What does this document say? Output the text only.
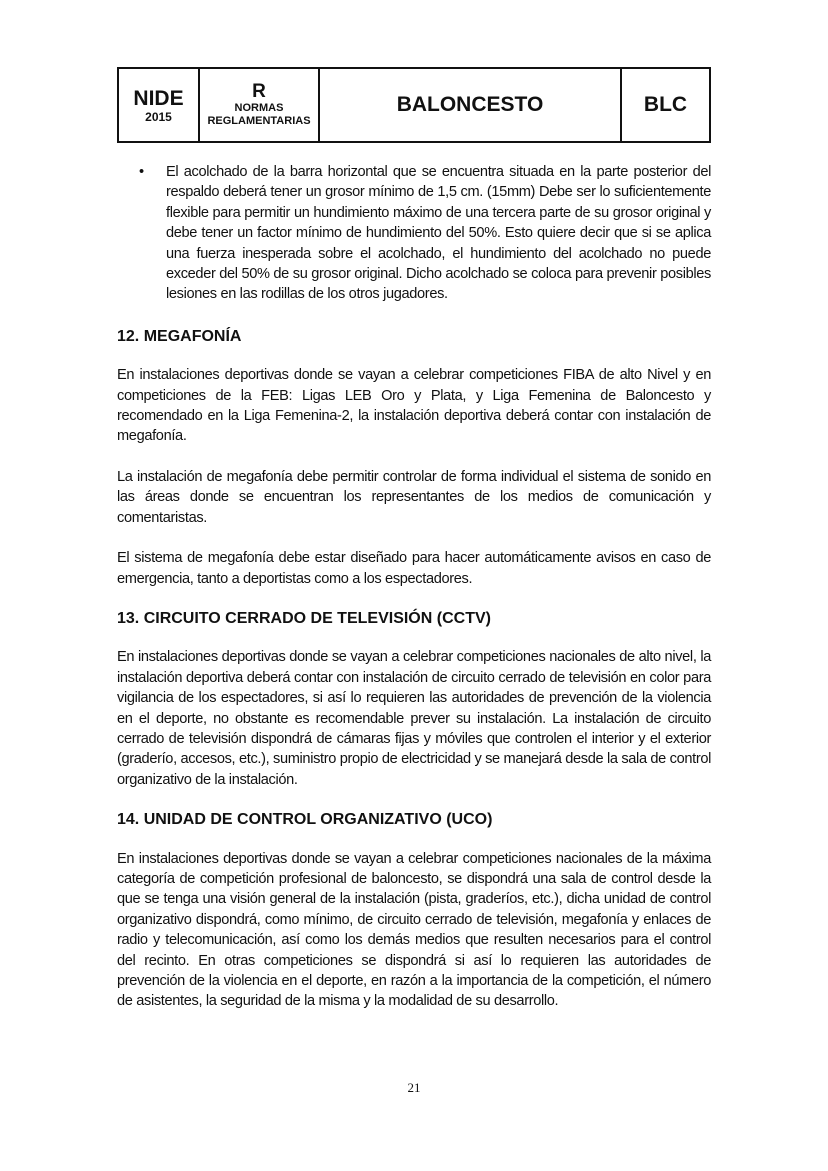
NIDE
2015
R
NORMAS
REGLAMENTARIAS
BALONCESTO	BLC
•	El acolchado de la barra horizontal que se encuentra situada en la parte posterior del respaldo deberá tener un grosor mínimo de 1,5 cm. (15mm) Debe ser lo suficientemente flexible para permitir un hundimiento máximo de una tercera parte de su grosor original y debe tener un factor mínimo de hundimiento del 50%. Esto quiere decir que si se aplica una fuerza inesperada sobre el acolchado, el hundimiento del acolchado no puede exceder del 50% de su grosor original. Dicho acolchado se coloca para prevenir posibles lesiones en las rodillas de los otros jugadores.

12. MEGAFONÍA

En instalaciones deportivas donde se vayan a celebrar competiciones FIBA de alto Nivel y en competiciones de la FEB: Ligas LEB Oro y Plata, y Liga Femenina de Baloncesto y recomendado en la Liga Femenina-2, la instalación deportiva deberá contar con instalación de megafonía.

La instalación de megafonía debe permitir controlar de forma individual el sistema de sonido en las áreas donde se encuentran los representantes de los medios de comunicación y comentaristas.

El sistema de megafonía debe estar diseñado para hacer automáticamente avisos en caso de emergencia, tanto a deportistas como a los espectadores.

13. CIRCUITO CERRADO DE TELEVISIÓN (CCTV)

En instalaciones deportivas donde se vayan a celebrar competiciones nacionales de alto nivel, la instalación deportiva deberá contar con instalación de circuito cerrado de televisión en color para vigilancia de los espectadores, si así lo requieren las autoridades de prevención de la violencia en el deporte, no obstante es recomendable prever su instalación. La instalación de circuito cerrado de televisión dispondrá de cámaras fijas y móviles que controlen el interior y el exterior (graderío, accesos, etc.), suministro propio de electricidad y se manejará desde la sala de control organizativo de la instalación.

14. UNIDAD DE CONTROL ORGANIZATIVO (UCO)

En instalaciones deportivas donde se vayan a celebrar competiciones nacionales de la máxima categoría de competición profesional de baloncesto, se dispondrá una sala de control desde la que se tenga una visión general de la instalación (pista, graderíos, etc.), dicha unidad de control organizativo dispondrá, como mínimo, de circuito cerrado de televisión, megafonía y enlaces de radio y telecomunicación, así como los demás medios que resulten necesarios para el control del recinto. En otras competiciones se dispondrá si así lo requieren las autoridades de prevención de la violencia en el deporte, en razón a la importancia de la competición, el número de asistentes, la seguridad de la misma y la modalidad de su desarrollo.

21
